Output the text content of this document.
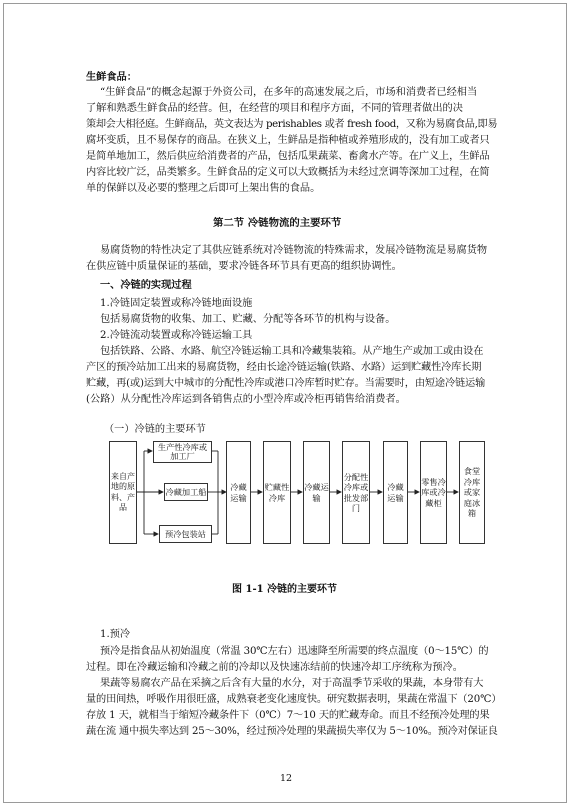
生鲜食品：
“生鲜食品”的概念起源于外资公司，在多年的高速发展之后，市场和消费者已经相当
了解和熟悉生鲜食品的经营。但，在经营的项目和程序方面，不同的管理者做出的决
策却会大相径庭。生鲜商品，英文表达为 perishables 或者 fresh food，又称为易腐食品,即易
腐坏变质，且不易保存的商品。在狭义上，生鲜品是指种植或养殖形成的，没有加工或者只
是简单地加工，然后供应给消费者的产品，包括瓜果蔬菜、畜禽水产等。在广义上，生鲜品
内容比较广泛，品类繁多。生鲜食品的定义可以大致概括为未经过烹调等深加工过程，在简
单的保鲜以及必要的整理之后即可上架出售的食品。
第二节 冷链物流的主要环节
易腐货物的特性决定了其供应链系统对冷链物流的特殊需求，发展冷链物流是易腐货物
在供应链中质量保证的基础，要求冷链各环节具有更高的组织协调性。
一、冷链的实现过程
1.冷链固定装置或称冷链地面设施
包括易腐货物的收集、加工、贮藏、分配等各环节的机构与设备。
2.冷链流动装置或称冷链运输工具
包括铁路、公路、水路、航空冷链运输工具和冷藏集装箱。从产地生产或加工或由设在
产区的预冷站加工出来的易腐货物，经由长途冷链运输(铁路、水路）运到贮藏性冷库长期
贮藏，再(或)运到大中城市的分配性冷库或港口冷库暂时贮存。当需要时，由短途冷链运输
(公路）从分配性冷库运到各销售点的小型冷库或冷柜再销售给消费者。
（一）冷链的主要环节
来自产地的原料、产品
生产性冷库或加工厂
冷藏加工船
预冷包装站
冷藏运输
贮藏性冷库
冷藏运输
分配性冷库或批发部门
冷藏运输
零售冷库或冷藏柜
食堂冷库或家庭冰箱
图 1-1 冷链的主要环节
1.预冷
预冷是指食品从初始温度（常温 30℃左右）迅速降至所需要的终点温度（0～15℃）的
过程。即在冷藏运输和冷藏之前的冷却以及快速冻结前的快速冷却工序统称为预冷。
果蔬等易腐农产品在采摘之后含有大量的水分，对于高温季节采收的果蔬，本身带有大
量的田间热，呼吸作用很旺盛，成熟衰老变化速度快。研究数据表明，果蔬在常温下（20℃）
存放 1 天，就相当于缩短冷藏条件下（0℃）7～10 天的贮藏寿命。而且不经预冷处理的果
蔬在流 通中损失率达到 25～30%，经过预冷处理的果蔬损失率仅为 5～10%。预冷对保证良
12
